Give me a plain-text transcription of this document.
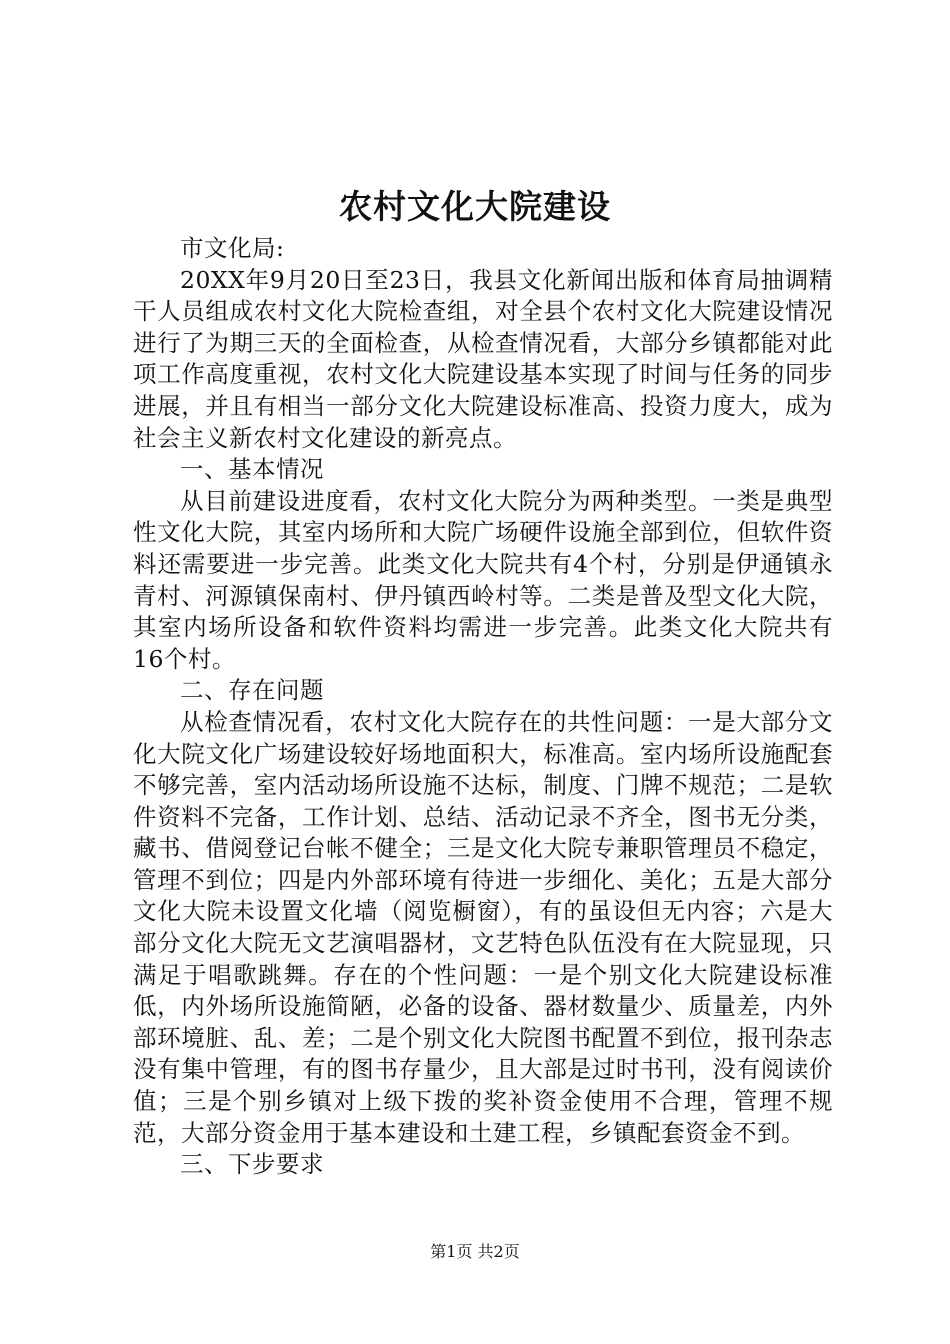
农村文化大院建设

市文化局:

20XX年9月20日至23日，我县文化新闻出版和体育局抽调精干人员组成农村文化大院检查组，对全县个农村文化大院建设情况进行了为期三天的全面检查，从检查情况看，大部分乡镇都能对此项工作高度重视，农村文化大院建设基本实现了时间与任务的同步进展，并且有相当一部分文化大院建设标准高、投资力度大，成为社会主义新农村文化建设的新亮点。

一、基本情况

从目前建设进度看，农村文化大院分为两种类型。一类是典型性文化大院，其室内场所和大院广场硬件设施全部到位，但软件资料还需要进一步完善。此类文化大院共有4个村，分别是伊通镇永青村、河源镇保南村、伊丹镇西岭村等。二类是普及型文化大院，其室内场所设备和软件资料均需进一步完善。此类文化大院共有16个村。

二、存在问题

从检查情况看，农村文化大院存在的共性问题：一是大部分文化大院文化广场建设较好场地面积大，标准高。室内场所设施配套不够完善，室内活动场所设施不达标，制度、门牌不规范；二是软件资料不完备，工作计划、总结、活动记录不齐全，图书无分类，藏书、借阅登记台帐不健全；三是文化大院专兼职管理员不稳定，管理不到位；四是内外部环境有待进一步细化、美化；五是大部分文化大院未设置文化墙（阅览橱窗），有的虽设但无内容；六是大部分文化大院无文艺演唱器材，文艺特色队伍没有在大院显现，只满足于唱歌跳舞。存在的个性问题：一是个别文化大院建设标准低，内外场所设施简陋，必备的设备、器材数量少、质量差，内外部环境脏、乱、差；二是个别文化大院图书配置不到位，报刊杂志没有集中管理，有的图书存量少，且大部是过时书刊，没有阅读价值；三是个别乡镇对上级下拨的奖补资金使用不合理，管理不规范，大部分资金用于基本建设和土建工程，乡镇配套资金不到。

三、下步要求

第1页 共2页
